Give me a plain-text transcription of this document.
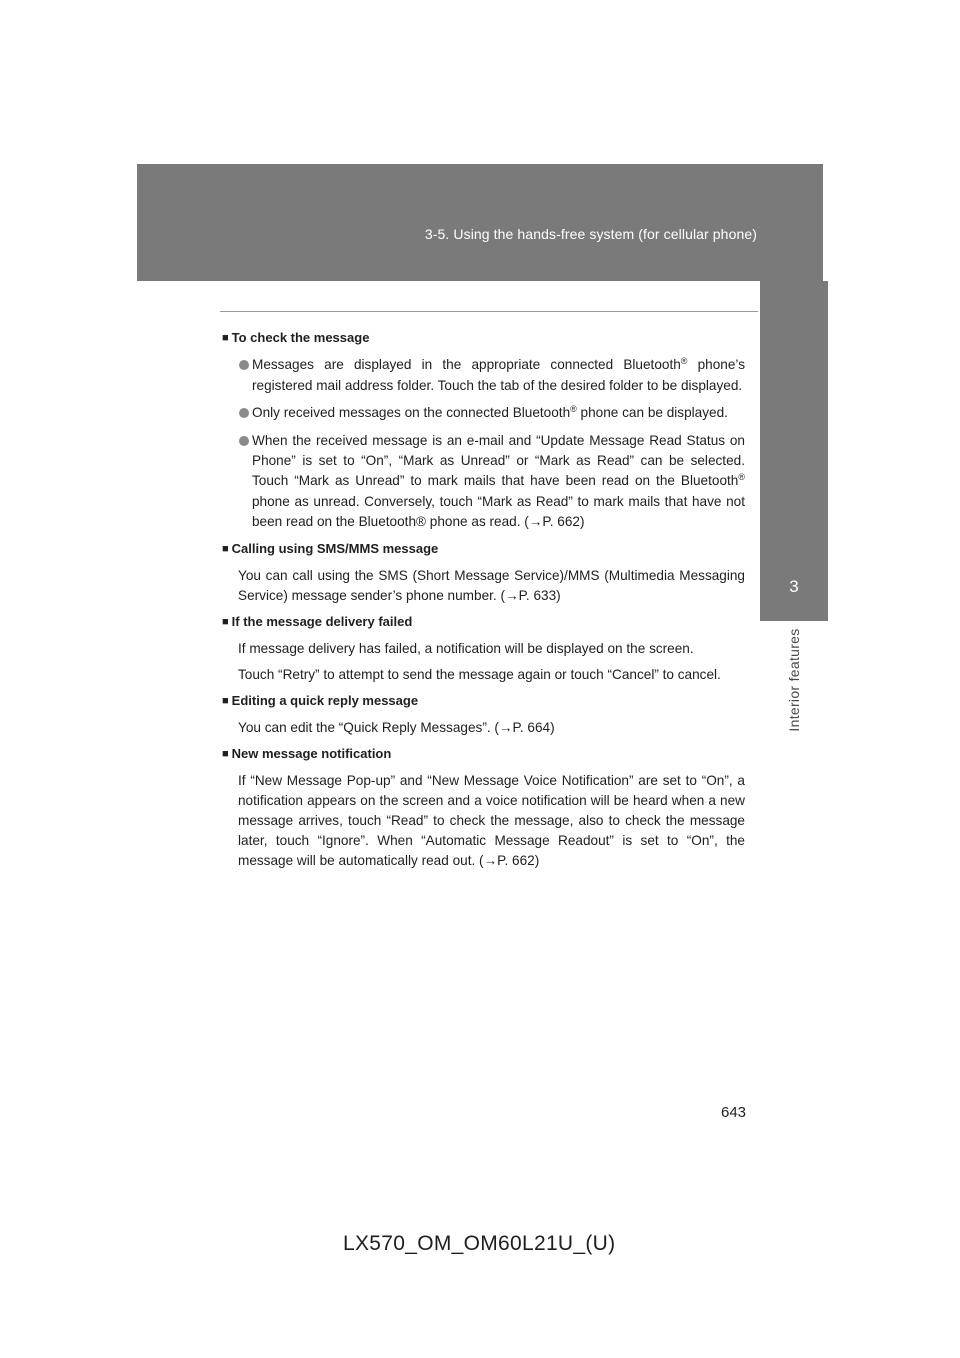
3-5. Using the hands-free system (for cellular phone)
3
Interior features

■ To check the message

Messages are displayed in the appropriate connected Bluetooth® phone’s registered mail address folder. Touch the tab of the desired folder to be displayed.

Only received messages on the connected Bluetooth® phone can be displayed.

When the received message is an e-mail and “Update Message Read Status on Phone” is set to “On”, “Mark as Unread” or “Mark as Read” can be selected. Touch “Mark as Unread” to mark mails that have been read on the Bluetooth® phone as unread. Conversely, touch “Mark as Read” to mark mails that have not been read on the Bluetooth® phone as read. (→P. 662)

■ Calling using SMS/MMS message

You can call using the SMS (Short Message Service)/MMS (Multimedia Messaging Service) message sender’s phone number. (→P. 633)

■ If the message delivery failed

If message delivery has failed, a notification will be displayed on the screen.

Touch “Retry” to attempt to send the message again or touch “Cancel” to cancel.

■ Editing a quick reply message

You can edit the “Quick Reply Messages”. (→P. 664)

■ New message notification

If “New Message Pop-up” and “New Message Voice Notification” are set to “On”, a notification appears on the screen and a voice notification will be heard when a new message arrives, touch “Read” to check the message, also to check the message later, touch “Ignore”. When “Automatic Message Readout” is set to “On”, the message will be automatically read out. (→P. 662)

643
LX570_OM_OM60L21U_(U)
